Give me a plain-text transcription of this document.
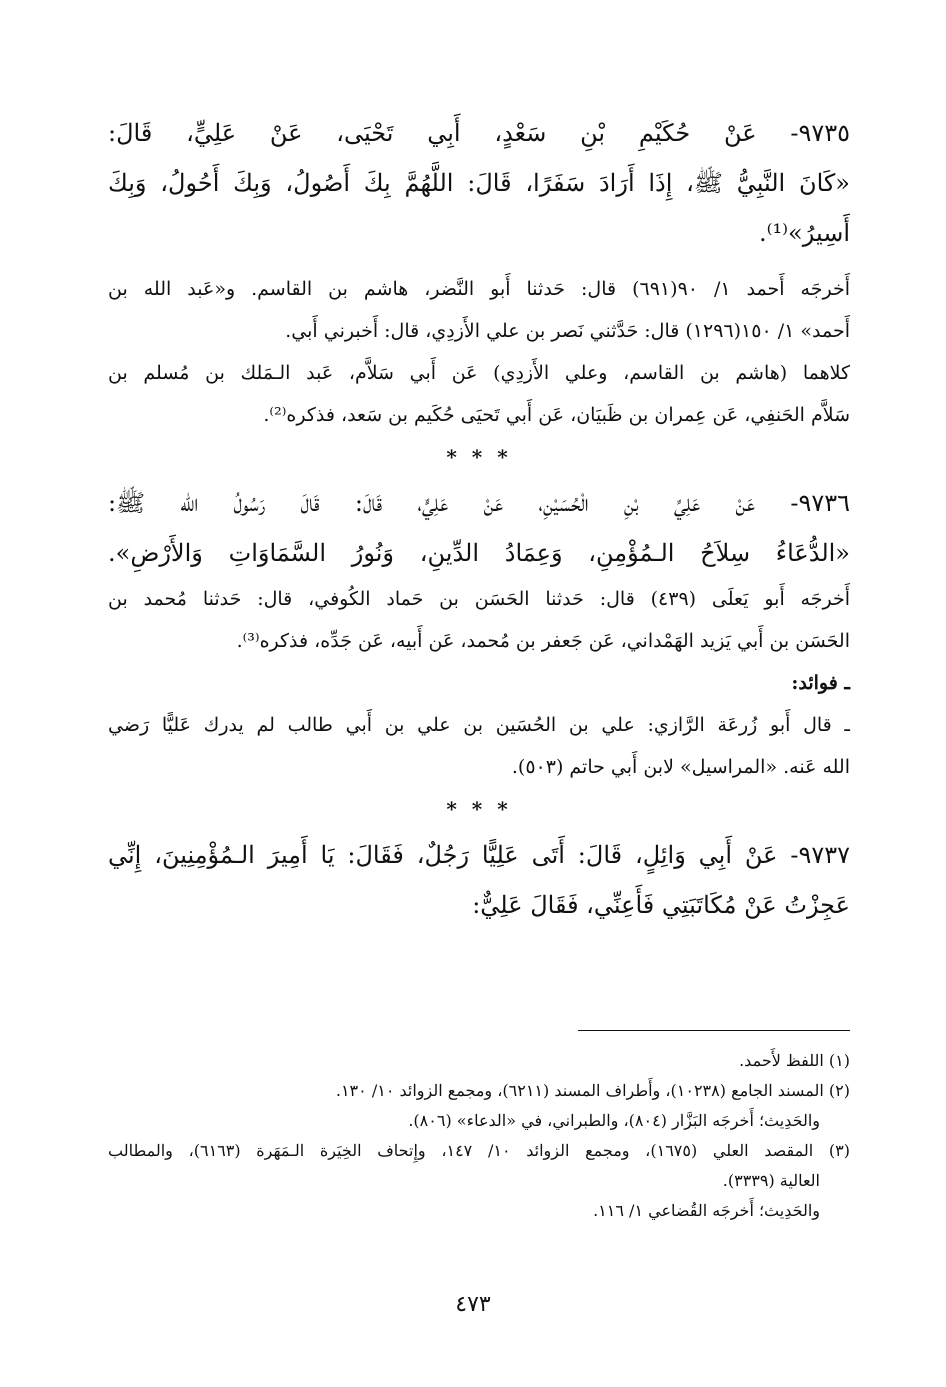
٩٧٣٥- عَنْ حُكَيْمِ بْنِ سَعْدٍ، أَبِي تَحْيَى، عَنْ عَلِيٍّ، قَالَ:
«كَانَ النَّبِيُّ ﷺ، إِذَا أَرَادَ سَفَرًا، قَالَ: اللَّهُمَّ بِكَ أَصُولُ، وَبِكَ أَحُولُ، وَبِكَ
أَسِيرُ»⁽¹⁾.
أَخرجَه أَحمد ١/ ٩٠(٦٩١) قال: حَدثنا أَبو النَّضر، هاشم بن القاسم. و«عَبد الله بن
أَحمد» ١/ ١٥٠(١٢٩٦) قال: حَدَّثني نَصر بن علي الأَزدِي، قال: أَخبرني أَبي.
كلاهما (هاشم بن القاسم، وعلي الأَزدِي) عَن أَبي سَلاَّم، عَبد الـمَلك بن مُسلم بن
سَلاَّم الحَنفِي، عَن عِمران بن ظَبيَان، عَن أَبي تَحيَى حُكَيم بن سَعد، فذكره⁽²⁾.
* * *
٩٧٣٦- عَنْ عَلِيِّ بْنِ الْحُسَيْنِ، عَنْ عَلِيٍّ، قَالَ: قَالَ رَسُولُ الله ﷺ:
«الدُّعَاءُ سِلاَحُ الـمُؤْمِنِ، وَعِمَادُ الدِّينِ، وَنُورُ السَّمَاوَاتِ وَالأَرْضِ».
أَخرجَه أَبو يَعلَى (٤٣٩) قال: حَدثنا الحَسَن بن حَماد الكُوفي، قال: حَدثنا مُحمد بن
الحَسَن بن أَبي يَزيد الهَمْداني، عَن جَعفر بن مُحمد، عَن أَبيه، عَن جَدِّه، فذكره⁽³⁾.
ـ فوائد:
ـ قال أَبو زُرعَة الرَّازي: علي بن الحُسَين بن علي بن أَبي طالب لم يدرك عَليًّا رَضي
الله عَنه. «المراسيل» لابن أَبي حاتم (٥٠٣).
* * *
٩٧٣٧- عَنْ أَبِي وَائِلٍ، قَالَ: أَتَى عَلِيًّا رَجُلٌ، فَقَالَ: يَا أَمِيرَ الـمُؤْمِنِينَ، إِنِّي
عَجِزْتُ عَنْ مُكَاتَبَتِي فَأَعِنِّي، فَقَالَ عَلِيٌّ:
(١) اللفظ لأَحمد.
(٢) المسند الجامع (١٠٢٣٨)، وأَطراف المسند (٦٢١١)، ومجمع الزوائد ١٠/ ١٣٠.
والحَدِيث؛ أَخرجَه البَزَّار (٨٠٤)، والطبراني، في «الدعاء» (٨٠٦).
(٣) المقصد العلي (١٦٧٥)، ومجمع الزوائد ١٠/ ١٤٧، وإِتحاف الخِيَرة الـمَهَرة (٦١٦٣)، والمطالب
العالية (٣٣٣٩).
والحَدِيث؛ أَخرجَه القُضاعي ١/ ١١٦.
٤٧٣
